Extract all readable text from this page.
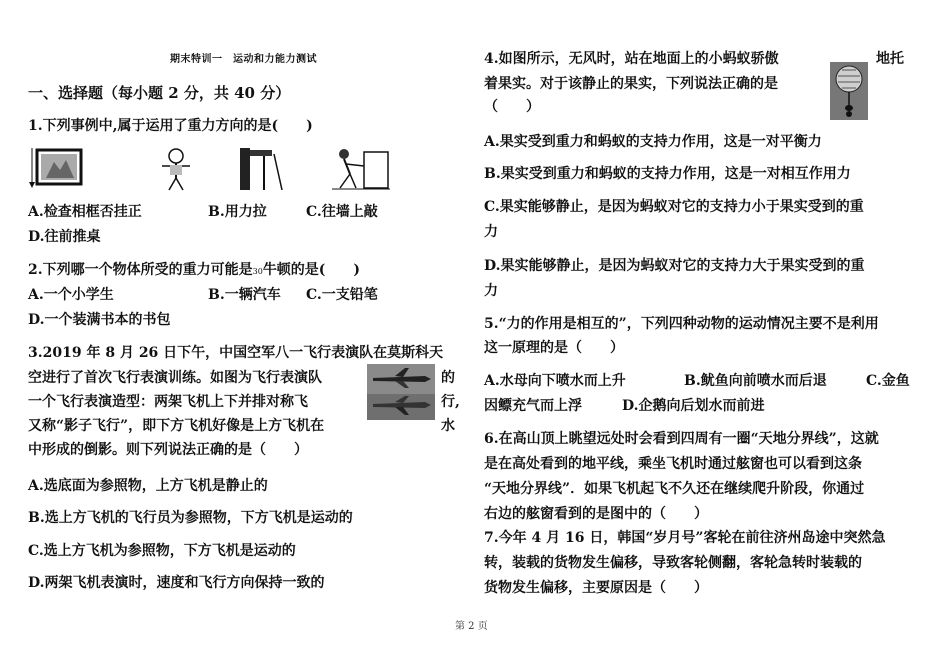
期末特训一　运动和力能力测试
一、选择题（每小题 2 分，共 40 分）
1.下列事例中,属于运用了重力方向的是(　　)
A.检查相框否挂正	B.用力拉	C.往墙上敲
D.往前推桌
2.下列哪一个物体所受的重力可能是30牛顿的是(　　)
A.一个小学生	B.一辆汽车 C.一支铅笔
D.一个装满书本的书包
3.2019 年 8 月 26 日下午，中国空军八一飞行表演队在莫斯科天
空进行了首次飞行表演训练。如图为飞行表演队	的
一个飞行表演造型：两架飞机上下并排对称飞	行,
又称“影子飞行”，即下方飞机好像是上方飞机在	水
中形成的倒影。则下列说法正确的是（　　）
A.选底面为参照物，上方飞机是静止的
B.选上方飞机的飞行员为参照物，下方飞机是运动的
C.选上方飞机为参照物，下方飞机是运动的
D.两架飞机表演时，速度和飞行方向保持一致的
4.如图所示，无风时，站在地面上的小蚂蚁骄傲	地托
着果实。对于该静止的果实，下列说法正确的是
（　　）
A.果实受到重力和蚂蚁的支持力作用，这是一对平衡力
B.果实受到重力和蚂蚁的支持力作用，这是一对相互作用力
C.果实能够静止，是因为蚂蚁对它的支持力小于果实受到的重
力
D.果实能够静止，是因为蚂蚁对它的支持力大于果实受到的重
力
5.“力的作用是相互的”，下列四种动物的运动情况主要不是利用
这一原理的是（　　）
A.水母向下喷水而上升	B.鱿鱼向前喷水而后退	C.金鱼
因鳔充气而上浮	D.企鹅向后划水而前进
6.在高山顶上眺望远处时会看到四周有一圈“天地分界线”，这就
是在高处看到的地平线，乘坐飞机时通过舷窗也可以看到这条
“天地分界线”．如果飞机起飞不久还在继续爬升阶段，你通过
右边的舷窗看到的是图中的（　　）
7.今年 4 月 16 日，韩国“岁月号”客轮在前往济州岛途中突然急
转，装载的货物发生偏移，导致客轮侧翻，客轮急转时装载的
货物发生偏移，主要原因是（　　）
第 2 页
